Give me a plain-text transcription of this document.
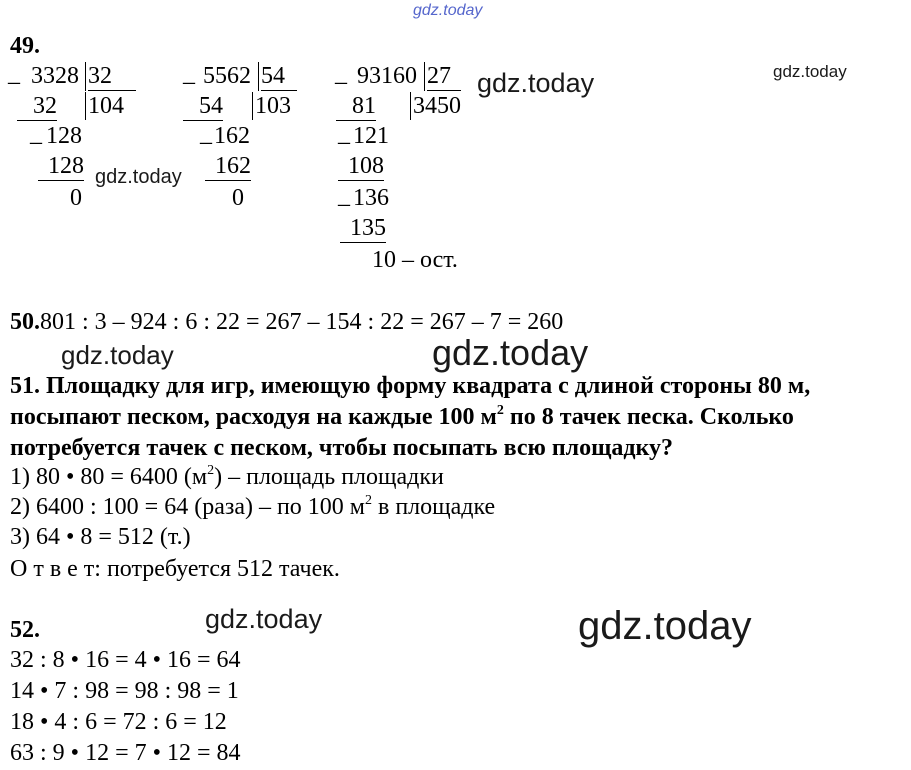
gdz.today
49.
_ 3328 32
32 104
_ 128
128
0
_ 5562 54
54 103
_ 162
162
0
_ 93160 27
81 3450
_ 121
108
_ 136
135
10 – ост.
gdz.today	gdz.today
gdz.today
50.801 : 3 – 924 : 6 : 22 = 267 – 154 : 22 = 267 – 7 = 260
gdz.today	gdz.today
51. Площадку для игр, имеющую форму квадрата с длиной стороны 80 м,
посыпают песком, расходуя на каждые 100 $м^2$ по 8 тачек песка. Сколько
потребуется тачек с песком, чтобы посыпать всю площадку?
1) 80 • 80 = 6400 $(м^2)$ – площадь площадки
2) 6400 : 100 = 64 (раза) – по 100 $м^2$ в площадке
3) 64 • 8 = 512 (т.)
О т в е т: потребуется 512 тачек.
52.	gdz.today	gdz.today
32 : 8 • 16 = 4 • 16 = 64
14 • 7 : 98 = 98 : 98 = 1
18 • 4 : 6 = 72 : 6 = 12
63 : 9 • 12 = 7 • 12 = 84
